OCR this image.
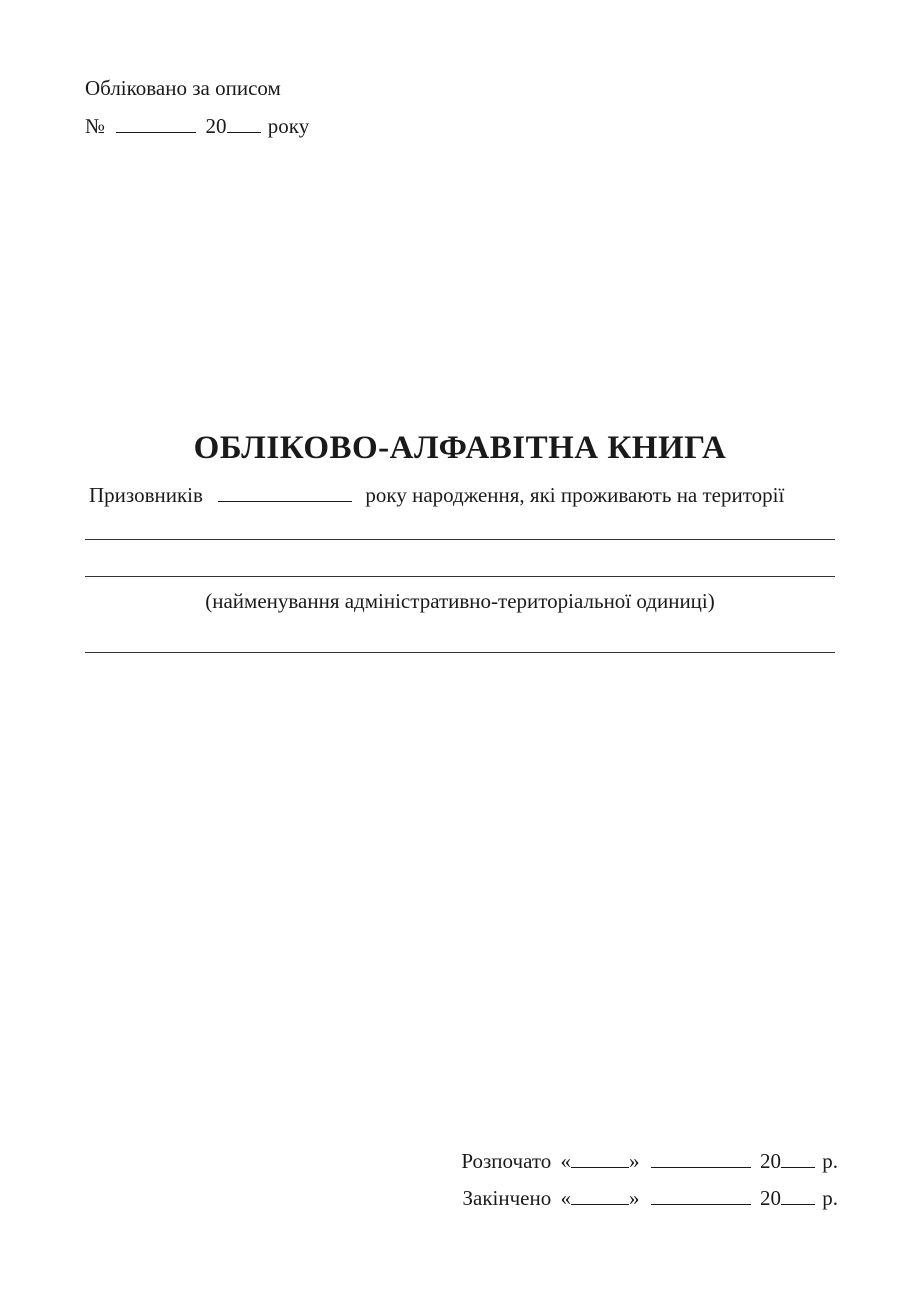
Обліковано за описом
№	20 року
ОБЛІКОВО-АЛФАВІТНА КНИГА
Призовників	року народження, які проживають на території
(найменування адміністративно-територіальної одиниці)
Розпочато «	»	20 р.
Закінчено «	»	20 р.
